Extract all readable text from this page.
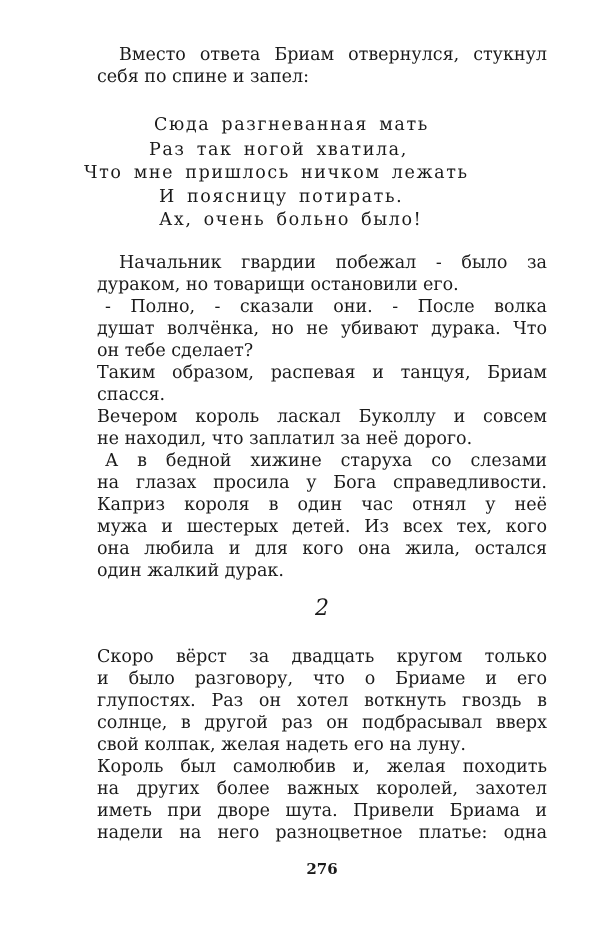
Вместо ответа Бриам отвернулся, стукнул
себя по спине и запел:
Сюда разгневанная мать
Раз так ногой хватила,
Что мне пришлось ничком лежать
И поясницу потирать.
Ах, очень больно было!
Начальник гвардии побежал - было за
дураком, но товарищи остановили его.
- Полно, - сказали они. - После волка
душат волчёнка, но не убивают дурака. Что
он тебе сделает?
Таким образом, распевая и танцуя, Бриам
спасся.
Вечером король ласкал Буколлу и совсем
не находил, что заплатил за неё дорого.
А в бедной хижине старуха со слезами
на глазах просила у Бога справедливости.
Каприз короля в один час отнял у неё
мужа и шестерых детей. Из всех тех, кого
она любила и для кого она жила, остался
один жалкий дурак.
2
Скоро вёрст за двадцать кругом только
и было разговору, что о Бриаме и его
глупостях. Раз он хотел воткнуть гвоздь в
солнце, в другой раз он подбрасывал вверх
свой колпак, желая надеть его на луну.
Король был самолюбив и, желая походить
на других более важных королей, захотел
иметь при дворе шута. Привели Бриама и
надели на него разноцветное платье: одна
276
